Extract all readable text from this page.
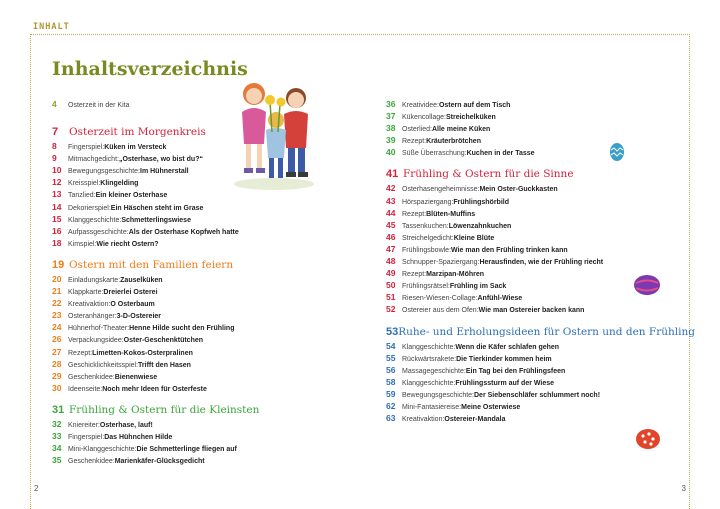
INHALT
Inhaltsverzeichnis
4	Osterzeit in der Kita
7	Osterzeit im Morgenkreis
8	Fingerspiel: Küken im Versteck
9	Mitmachgedicht: „Osterhase, wo bist du?“
10 Bewegungsgeschichte: Im Hühnerstall
12 Kreisspiel: Klingelding
13 Tanzlied: Ein kleiner Osterhase
14 Dekorierspiel: Ein Häschen steht im Grase
15 Klanggeschichte: Schmetterlingswiese
16 Aufpassgeschichte: Als der Osterhase Kopfweh hatte
18 Kimspiel: Wie riecht Ostern?
19 Ostern mit den Familien feiern
20 Einladungskarte: Zauselküken
21 Klappkarte: Dreierlei Osterei
22 Kreativaktion: O Osterbaum
23 Osteranhänger: 3-D-Ostereier
24 Hühnerhof-Theater: Henne Hilde sucht den Frühling
26 Verpackungsidee: Oster-Geschenktütchen
27 Rezept: Limetten-Kokos-Osterpralinen
28 Geschicklichkeitsspiel: Trifft den Hasen
29 Geschenkidee: Bienenwiese
30 Ideenseite: Noch mehr Ideen für Osterfeste
31 Frühling & Ostern für die Kleinsten
32 Kniereiter: Osterhase, lauf!
33 Fingerspiel: Das Hühnchen Hilde
34 Mini-Klanggeschichte: Die Schmetterlinge fliegen auf
35 Geschenkidee: Marienkäfer-Glücksgedicht
36 Kreatividee: Ostern auf dem Tisch
37 Kükencollage: Streichelküken
38 Osterlied: Alle meine Küken
39 Rezept: Kräuterbrötchen
40 Süße Überraschung: Kuchen in der Tasse
41 Frühling & Ostern für die Sinne
42 Osterhasengeheimnisse: Mein Oster-Guckkasten
43 Hörspaziergang: Frühlingshörbild
44 Rezept: Blüten-Muffins
45 Tassenkuchen: Löwenzahnkuchen
46 Streichelgedicht: Kleine Blüte
47 Frühlingsbowle: Wie man den Frühling trinken kann
48 Schnupper-Spaziergang: Herausfinden, wie der Frühling riecht
49 Rezept: Marzipan-Möhren
50 Frühlingsrätsel: Frühling im Sack
51 Riesen-Wiesen-Collage: Anfühl-Wiese
52 Ostereier aus dem Ofen: Wie man Ostereier backen kann
53 Ruhe- und Erholungsideen für Ostern und den Frühling
54 Klanggeschichte: Wenn die Käfer schlafen gehen
55 Rückwärtsrakete: Die Tierkinder kommen heim
56 Massagegeschichte: Ein Tag bei den Frühlingsfeen
58 Klanggeschichte: Frühlingssturm auf der Wiese
59 Bewegungsgeschichte: Der Siebenschläfer schlummert noch!
62 Mini-Fantasiereise: Meine Osterwiese
63 Kreativaktion: Ostereier-Mandala
2	3
